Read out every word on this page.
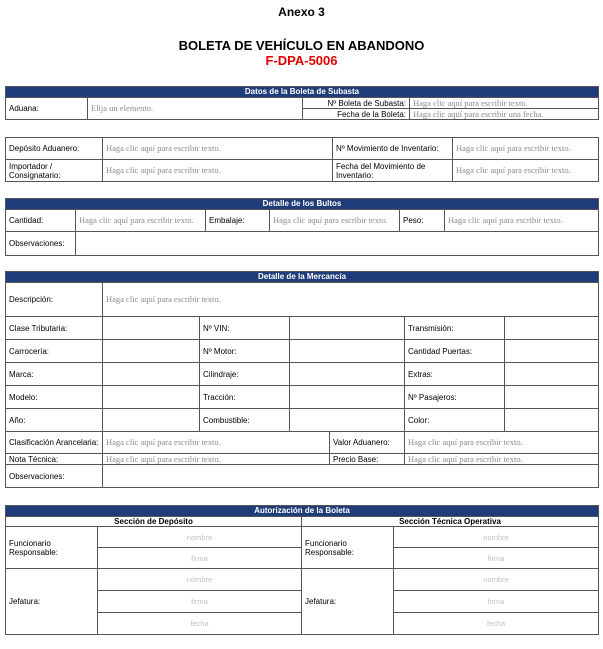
Anexo 3
BOLETA DE VEHÍCULO EN ABANDONO
F-DPA-5006
Datos de la Boleta de Subasta			
Aduana:	Elija un elemento.	Nº Boleta de Subasta:	Haga clic aquí para escribir texto.
		Fecha de la Boleta:	Haga clic aquí para escribir una fecha.
Depósito Aduanero:	Haga clic aquí para escribir texto.	Nº Movimiento de Inventario:	Haga clic aquí para escribir texto.
Importador / Consignatario:	Haga clic aquí para escribir texto.	Fecha del Movimiento de Inventario:	Haga clic aquí para escribir texto.
Detalle de los Bultos					
Cantidad:	Haga clic aquí para escribir texto.	Embalaje:	Haga clic aquí para escribir texto.	Peso:	Haga clic aquí para escribir texto.
Observaciones:					
Detalle de la Mercancía						
Descripción:	Haga clic aquí para escribir texto.					
Clase Tributaria:		Nº VIN:			Transmisión:	
Carrocería:		Nº Motor:			Cantidad Puertas:	
Marca:		Cilindraje:			Extras:	
Modelo:		Tracción:			Nº Pasajeros:	
Año:		Combustible:			Color:	
Clasificación Arancelaria:	Haga clic aquí para escribir texto.			Valor Aduanero:	Haga clic aquí para escribir texto.	
Nota Técnica:	Haga clic aquí para escribir texto.			Precio Base:	Haga clic aquí para escribir texto.	
Observaciones:						
Autorización de la Boleta			
Sección de Depósito		Sección Técnica Operativa	
Funcionario Responsable:	nombre	Funcionario Responsable:	nombre
	firma		firma
Jefatura:	nombre	Jefatura:	nombre
	firma		firma
	fecha		fecha
